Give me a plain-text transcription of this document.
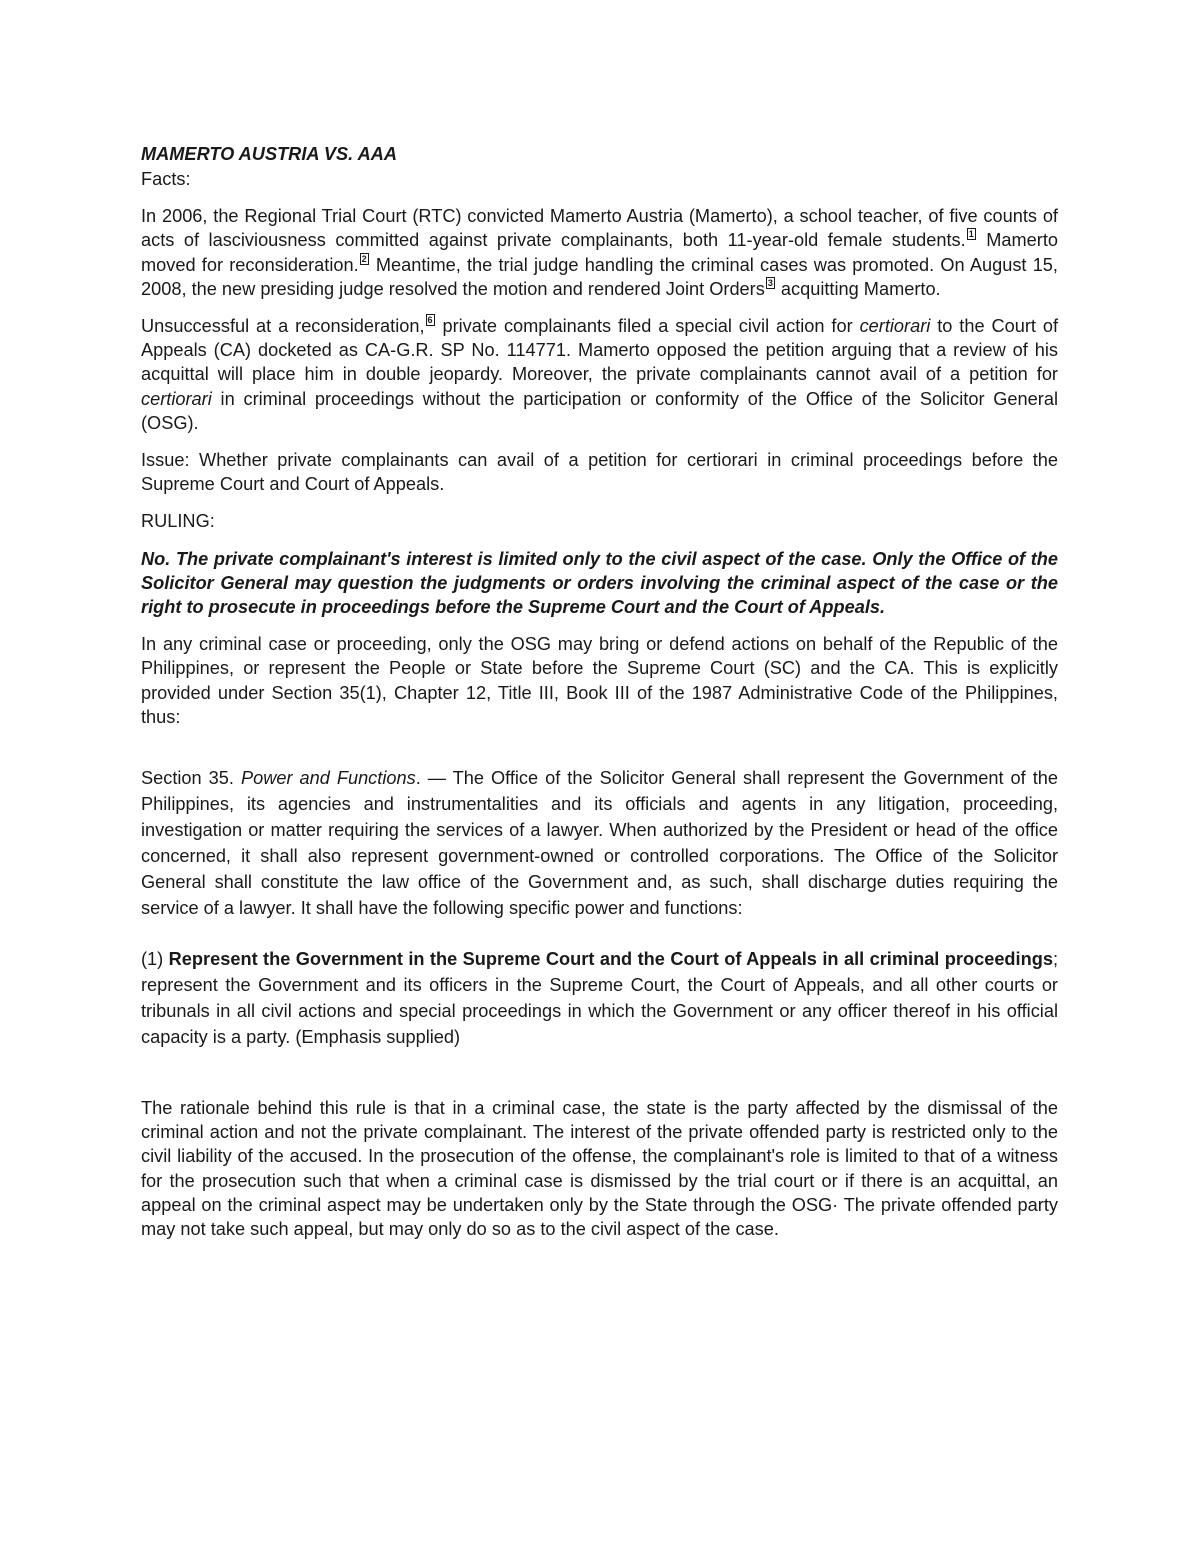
MAMERTO AUSTRIA VS. AAA

Facts:

In 2006, the Regional Trial Court (RTC) convicted Mamerto Austria (Mamerto), a school teacher, of five counts of acts of lasciviousness committed against private complainants, both 11-year-old female students. 1 Mamerto moved for reconsideration. 2 Meantime, the trial judge handling the criminal cases was promoted. On August 15, 2008, the new presiding judge resolved the motion and rendered Joint Orders 3 acquitting Mamerto.

Unsuccessful at a reconsideration, 6 private complainants filed a special civil action for certiorari to the Court of Appeals (CA) docketed as CA-G.R. SP No. 114771. Mamerto opposed the petition arguing that a review of his acquittal will place him in double jeopardy. Moreover, the private complainants cannot avail of a petition for certiorari in criminal proceedings without the participation or conformity of the Office of the Solicitor General (OSG).

Issue: Whether private complainants can avail of a petition for certiorari in criminal proceedings before the Supreme Court and Court of Appeals.

RULING:

No. The private complainant's interest is limited only to the civil aspect of the case. Only the Office of the Solicitor General may question the judgments or orders involving the criminal aspect of the case or the right to prosecute in proceedings before the Supreme Court and the Court of Appeals.

In any criminal case or proceeding, only the OSG may bring or defend actions on behalf of the Republic of the Philippines, or represent the People or State before the Supreme Court (SC) and the CA. This is explicitly provided under Section 35(1), Chapter 12, Title III, Book III of the 1987 Administrative Code of the Philippines, thus:

Section 35. Power and Functions. — The Office of the Solicitor General shall represent the Government of the Philippines, its agencies and instrumentalities and its officials and agents in any litigation, proceeding, investigation or matter requiring the services of a lawyer. When authorized by the President or head of the office concerned, it shall also represent government-owned or controlled corporations. The Office of the Solicitor General shall constitute the law office of the Government and, as such, shall discharge duties requiring the service of a lawyer. It shall have the following specific power and functions:

(1) Represent the Government in the Supreme Court and the Court of Appeals in all criminal proceedings; represent the Government and its officers in the Supreme Court, the Court of Appeals, and all other courts or tribunals in all civil actions and special proceedings in which the Government or any officer thereof in his official capacity is a party. (Emphasis supplied)

The rationale behind this rule is that in a criminal case, the state is the party affected by the dismissal of the criminal action and not the private complainant. The interest of the private offended party is restricted only to the civil liability of the accused. In the prosecution of the offense, the complainant's role is limited to that of a witness for the prosecution such that when a criminal case is dismissed by the trial court or if there is an acquittal, an appeal on the criminal aspect may be undertaken only by the State through the OSG· The private offended party may not take such appeal, but may only do so as to the civil aspect of the case.
